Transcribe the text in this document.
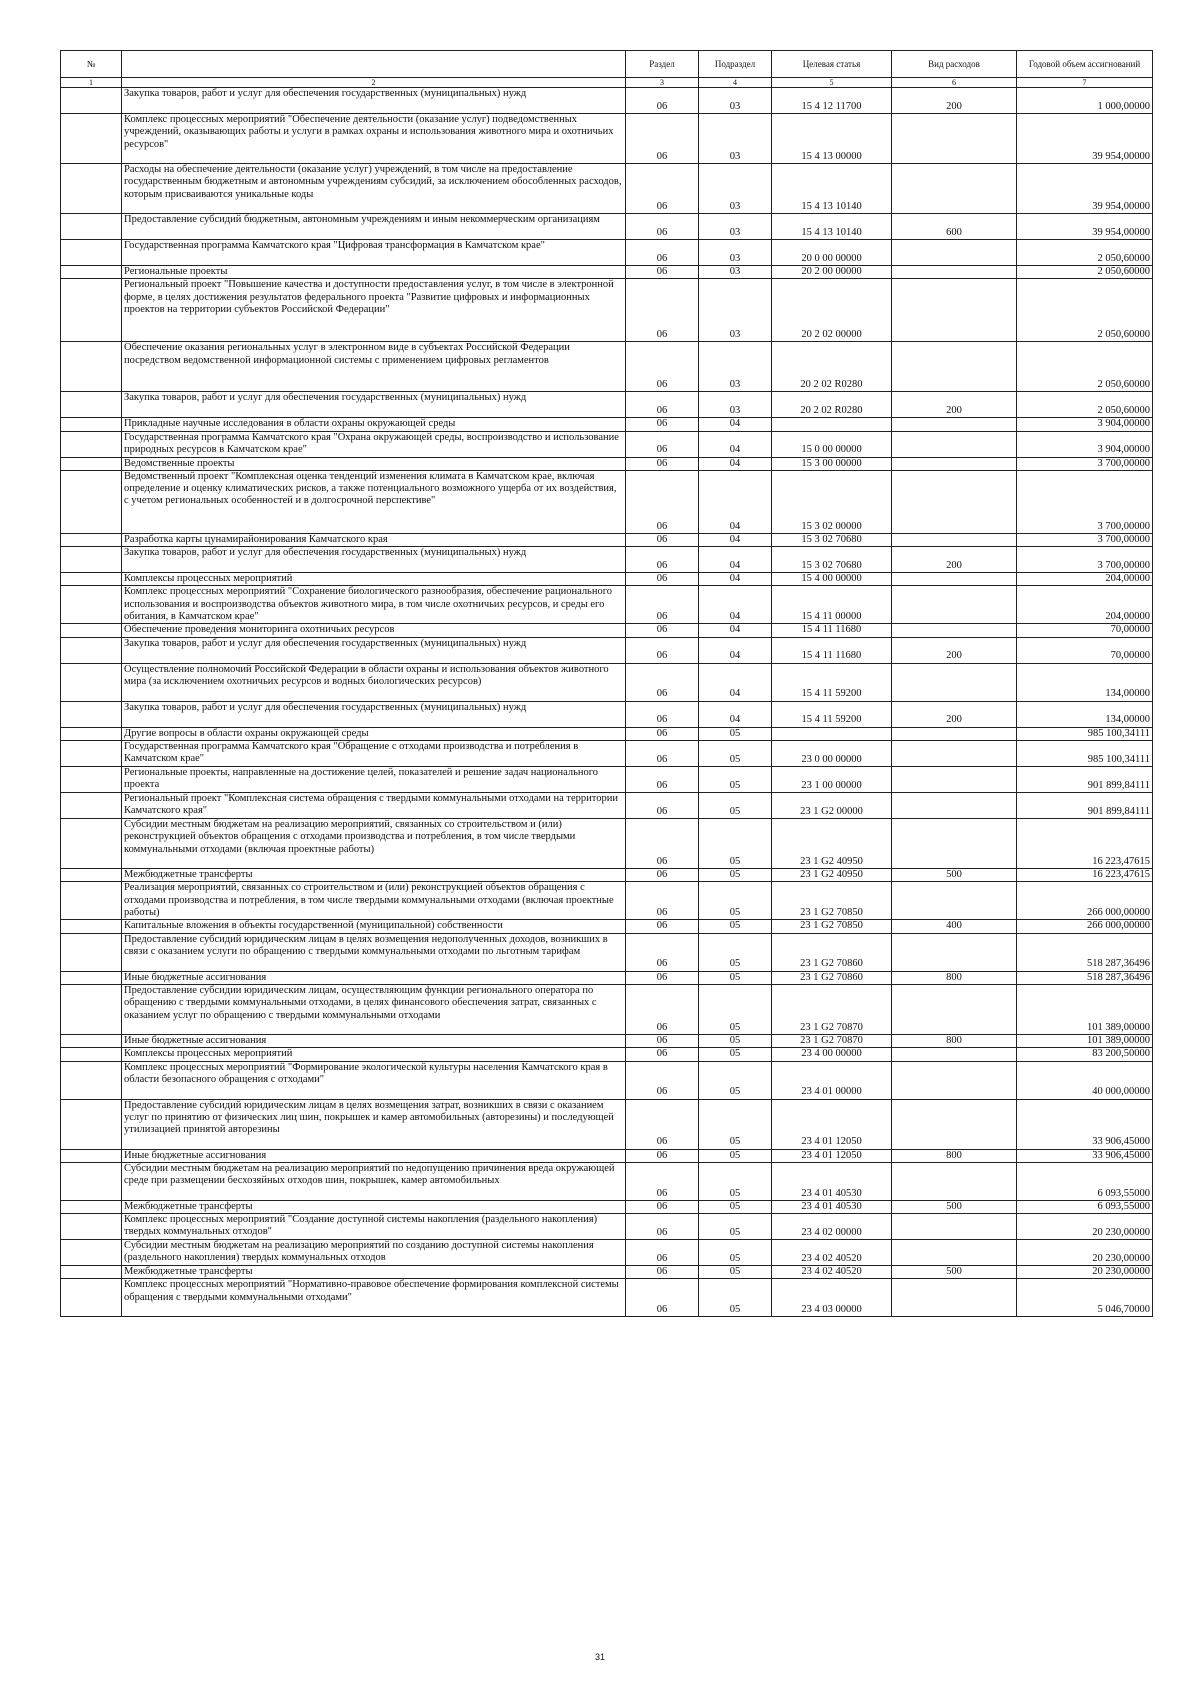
№		Раздел	Подраздел	Целевая статья	Вид расходов	Годовой объем ассигнований
1	2	3	4	5	6	7
	Закупка товаров, работ и услуг для обеспечения государственных (муниципальных) нужд	06	03	15 4 12 11700	200	1 000,00000
	Комплекс процессных мероприятий "Обеспечение деятельности (оказание услуг) подведомственных учреждений, оказывающих работы и услуги в рамках охраны и использования животного мира и охотничьих ресурсов"	06	03	15 4 13 00000		39 954,00000
	Расходы на обеспечение деятельности (оказание услуг) учреждений, в том числе на предоставление государственным бюджетным и автономным учреждениям субсидий, за исключением обособленных расходов, которым присваиваются уникальные коды	06	03	15 4 13 10140		39 954,00000
	Предоставление субсидий бюджетным, автономным учреждениям и иным некоммерческим организациям	06	03	15 4 13 10140	600	39 954,00000
	Государственная программа Камчатского края "Цифровая трансформация в Камчатском крае"	06	03	20 0 00 00000		2 050,60000
	Региональные проекты	06	03	20 2 00 00000		2 050,60000
	Региональный проект "Повышение качества и доступности предоставления услуг, в том числе в электронной форме, в целях достижения результатов федерального проекта "Развитие цифровых и информационных проектов на территории субъектов Российской Федерации"	06	03	20 2 02 00000		2 050,60000
	Обеспечение оказания региональных услуг в электронном виде в субъектах Российской Федерации посредством ведомственной информационной системы с применением цифровых регламентов	06	03	20 2 02 R0280		2 050,60000
	Закупка товаров, работ и услуг для обеспечения государственных (муниципальных) нужд	06	03	20 2 02 R0280	200	2 050,60000
	Прикладные научные исследования в области охраны окружающей среды	06	04			3 904,00000
	Государственная программа Камчатского края "Охрана окружающей среды, воспроизводство и использование природных ресурсов в Камчатском крае"	06	04	15 0 00 00000		3 904,00000
	Ведомственные проекты	06	04	15 3 00 00000		3 700,00000
	Ведомственный проект "Комплексная оценка тенденций изменения климата в Камчатском крае, включая определение и оценку климатических рисков, а также потенциального возможного ущерба от их воздействия, с учетом региональных особенностей и в долгосрочной перспективе"	06	04	15 3 02 00000		3 700,00000
	Разработка карты цунамирайонирования Камчатского края	06	04	15 3 02 70680		3 700,00000
	Закупка товаров, работ и услуг для обеспечения государственных (муниципальных) нужд	06	04	15 3 02 70680	200	3 700,00000
	Комплексы процессных мероприятий	06	04	15 4 00 00000		204,00000
	Комплекс процессных мероприятий "Сохранение биологического разнообразия, обеспечение рационального использования и воспроизводства объектов животного мира, в том числе охотничьих ресурсов, и среды его обитания, в Камчатском крае"	06	04	15 4 11 00000		204,00000
	Обеспечение проведения мониторинга охотничьих ресурсов	06	04	15 4 11 11680		70,00000
	Закупка товаров, работ и услуг для обеспечения государственных (муниципальных) нужд	06	04	15 4 11 11680	200	70,00000
	Осуществление полномочий Российской Федерации в области охраны и использования объектов животного мира (за исключением охотничьих ресурсов и водных биологических ресурсов)	06	04	15 4 11 59200		134,00000
	Закупка товаров, работ и услуг для обеспечения государственных (муниципальных) нужд	06	04	15 4 11 59200	200	134,00000
	Другие вопросы в области охраны окружающей среды	06	05			985 100,34111
	Государственная программа Камчатского края "Обращение с отходами производства и потребления в Камчатском крае"	06	05	23 0 00 00000		985 100,34111
	Региональные проекты, направленные на достижение целей, показателей и решение задач национального проекта	06	05	23 1 00 00000		901 899,84111
	Региональный проект "Комплексная система обращения с твердыми коммунальными отходами на территории Камчатского края"	06	05	23 1 G2 00000		901 899,84111
	Субсидии местным бюджетам на реализацию мероприятий, связанных со строительством и (или) реконструкцией объектов обращения с отходами производства и потребления, в том числе твердыми коммунальными отходами (включая проектные работы)	06	05	23 1 G2 40950		16 223,47615
	Межбюджетные трансферты	06	05	23 1 G2 40950	500	16 223,47615
	Реализация мероприятий, связанных со строительством и (или) реконструкцией объектов обращения с отходами производства и потребления, в том числе твердыми коммунальными отходами (включая проектные работы)	06	05	23 1 G2 70850		266 000,00000
	Капитальные вложения в объекты государственной (муниципальной) собственности	06	05	23 1 G2 70850	400	266 000,00000
	Предоставление субсидий юридическим лицам в целях возмещения недополученных доходов, возникших в связи с оказанием услуги по обращению с твердыми коммунальными отходами по льготным тарифам	06	05	23 1 G2 70860		518 287,36496
	Иные бюджетные ассигнования	06	05	23 1 G2 70860	800	518 287,36496
	Предоставление субсидии юридическим лицам, осуществляющим функции регионального оператора по обращению с твердыми коммунальными отходами, в целях финансового обеспечения затрат, связанных с оказанием услуг по обращению с твердыми коммунальными отходами	06	05	23 1 G2 70870		101 389,00000
	Иные бюджетные ассигнования	06	05	23 1 G2 70870	800	101 389,00000
	Комплексы процессных мероприятий	06	05	23 4 00 00000		83 200,50000
	Комплекс процессных мероприятий "Формирование экологической культуры населения Камчатского края в области безопасного обращения с отходами"	06	05	23 4 01 00000		40 000,00000
	Предоставление субсидий юридическим лицам в целях возмещения затрат, возникших в связи с оказанием услуг по принятию от физических лиц шин, покрышек и камер автомобильных (авторезины) и последующей утилизацией принятой авторезины	06	05	23 4 01 12050		33 906,45000
	Иные бюджетные ассигнования	06	05	23 4 01 12050	800	33 906,45000
	Субсидии местным бюджетам на реализацию мероприятий по недопущению причинения вреда окружающей среде при размещении бесхозяйных отходов шин, покрышек, камер автомобильных	06	05	23 4 01 40530		6 093,55000
	Межбюджетные трансферты	06	05	23 4 01 40530	500	6 093,55000
	Комплекс процессных мероприятий "Создание доступной системы накопления (раздельного накопления) твердых коммунальных отходов"	06	05	23 4 02 00000		20 230,00000
	Субсидии местным бюджетам на реализацию мероприятий по созданию доступной системы накопления (раздельного накопления) твердых коммунальных отходов	06	05	23 4 02 40520		20 230,00000
	Межбюджетные трансферты	06	05	23 4 02 40520	500	20 230,00000
	Комплекс процессных мероприятий "Нормативно-правовое обеспечение формирования комплексной системы обращения с твердыми коммунальными отходами"	06	05	23 4 03 00000		5 046,70000
31
